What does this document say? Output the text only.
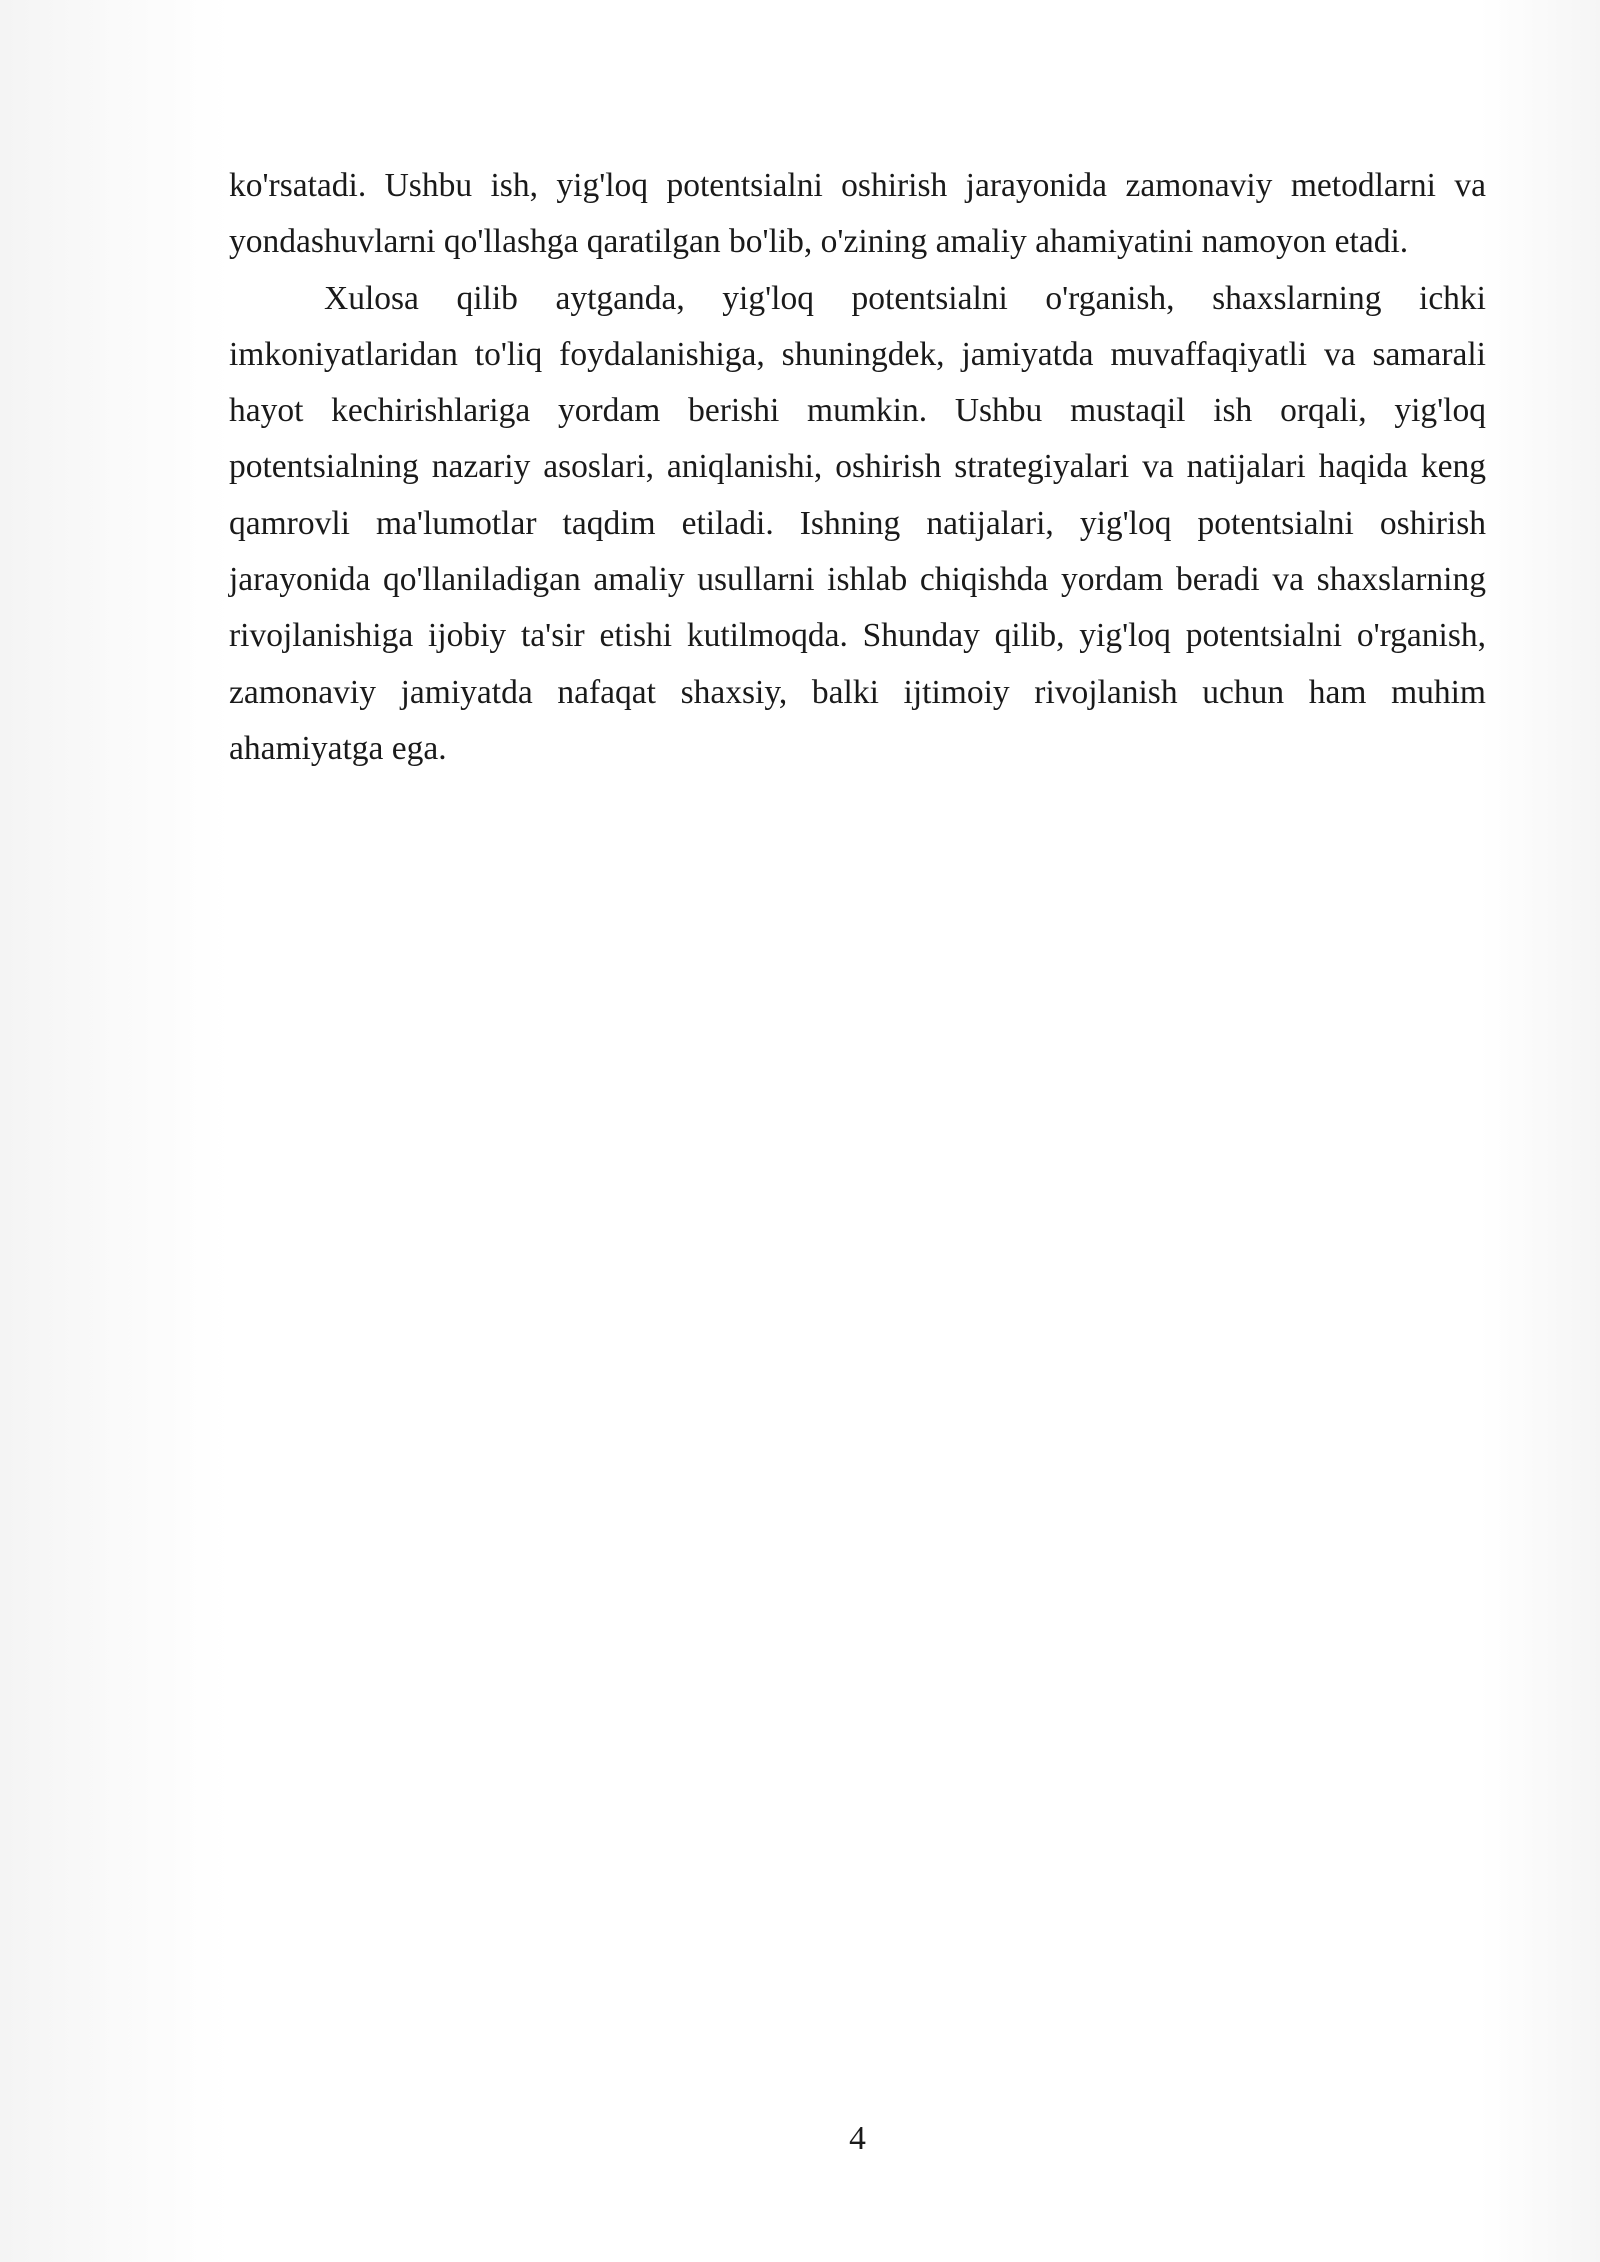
ko'rsatadi. Ushbu ish, yig'loq potentsialni oshirish jarayonida zamonaviy metodlarni va yondashuvlarni qo'llashga qaratilgan bo'lib, o'zining amaliy ahamiyatini namoyon etadi.

Xulosa qilib aytganda, yig'loq potentsialni o'rganish, shaxslarning ichki imkoniyatlaridan to'liq foydalanishiga, shuningdek, jamiyatda muvaffaqiyatli va samarali hayot kechirishlariga yordam berishi mumkin. Ushbu mustaqil ish orqali, yig'loq potentsialning nazariy asoslari, aniqlanishi, oshirish strategiyalari va natijalari haqida keng qamrovli ma'lumotlar taqdim etiladi. Ishning natijalari, yig'loq potentsialni oshirish jarayonida qo'llaniladigan amaliy usullarni ishlab chiqishda yordam beradi va shaxslarning rivojlanishiga ijobiy ta'sir etishi kutilmoqda. Shunday qilib, yig'loq potentsialni o'rganish, zamonaviy jamiyatda nafaqat shaxsiy, balki ijtimoiy rivojlanish uchun ham muhim ahamiyatga ega.

4
